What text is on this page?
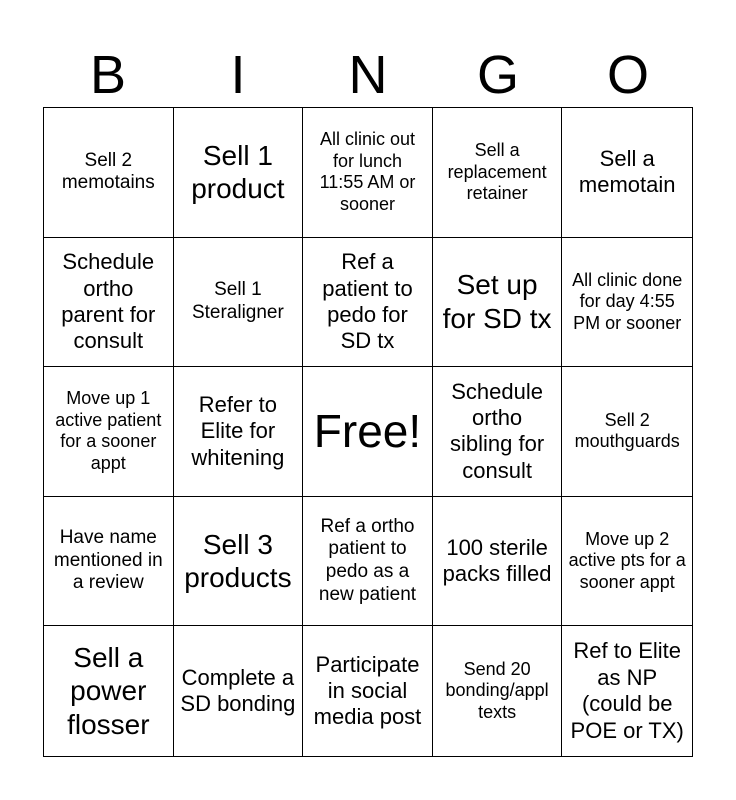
B	I	N	G	O
Sell 2 memotains
Sell 1 product
All clinic out for lunch 11:55 AM or sooner
Sell a replacement retainer
Sell a memotain
Schedule ortho parent for consult
Sell 1 Steraligner
Ref a patient to pedo for SD tx
Set up for SD tx
All clinic done for day 4:55 PM or sooner
Move up 1 active patient for a sooner appt
Refer to Elite for whitening
Free!
Schedule ortho sibling for consult
Sell 2 mouthguards
Have name mentioned in a review
Sell 3 products
Ref a ortho patient to pedo as a new patient
100 sterile packs filled
Move up 2 active pts for a sooner appt
Sell a power flosser
Complete a SD bonding
Participate in social media post
Send 20 bonding/appl texts
Ref to Elite as NP (could be POE or TX)
